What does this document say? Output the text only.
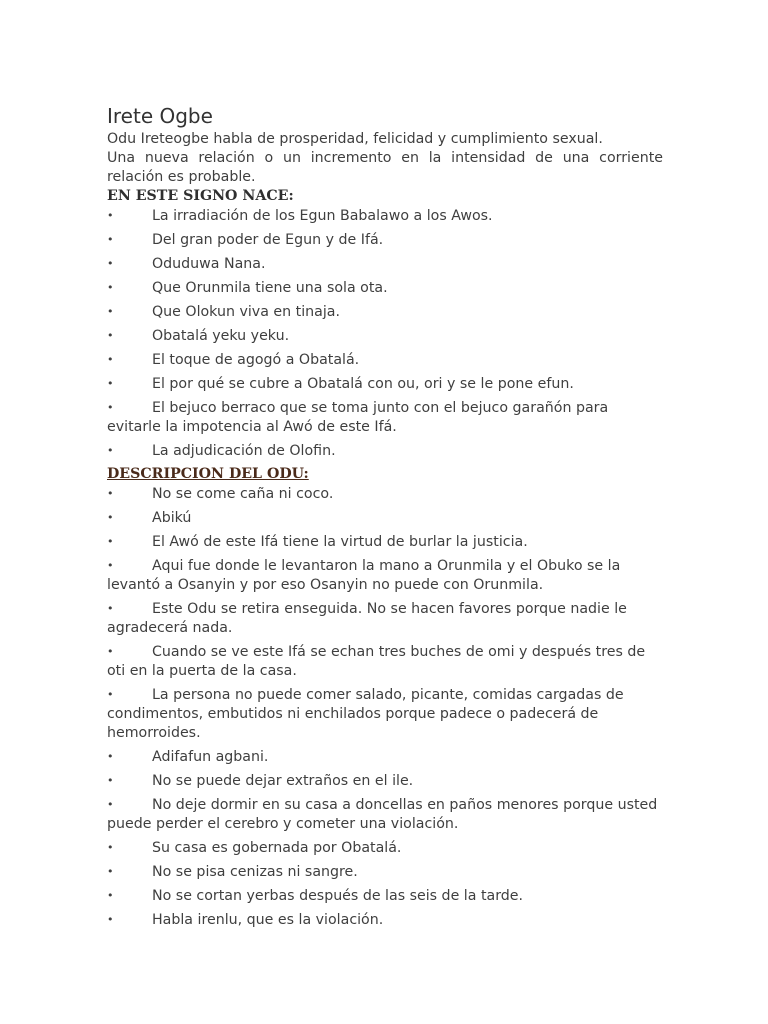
Irete Ogbe

Odu Ireteogbe habla de prosperidad, felicidad y cumplimiento sexual.

Una nueva relación o un incremento en la intensidad de una corriente relación es probable.

EN ESTE SIGNO NACE:

•	La irradiación de los Egun Babalawo a los Awos.
•	Del gran poder de Egun y de Ifá.
•	Oduduwa Nana.
•	Que Orunmila tiene una sola ota.
•	Que Olokun viva en tinaja.
•	Obatalá yeku yeku.
•	El toque de agogó a Obatalá.
•	El por qué se cubre a Obatalá con ou, ori y se le pone efun.
•	El bejuco berraco que se toma junto con el bejuco garañón para evitarle la impotencia al Awó de este Ifá.
•	La adjudicación de Olofin.

DESCRIPCION DEL ODU:

•	No se come caña ni coco.
•	Abikú
•	El Awó de este Ifá tiene la virtud de burlar la justicia.
•	Aqui fue donde le levantaron la mano a Orunmila y el Obuko se la levantó a Osanyin y por eso Osanyin no puede con Orunmila.
•	Este Odu se retira enseguida. No se hacen favores porque nadie le agradecerá nada.
•	Cuando se ve este Ifá se echan tres buches de omi y después tres de oti en la puerta de la casa.
•	La persona no puede comer salado, picante, comidas cargadas de condimentos, embutidos ni enchilados porque padece o padecerá de hemorroides.
•	Adifafun agbani.
•	No se puede dejar extraños en el ile.
•	No deje dormir en su casa a doncellas en paños menores porque usted puede perder el cerebro y cometer una violación.
•	Su casa es gobernada por Obatalá.
•	No se pisa cenizas ni sangre.
•	No se cortan yerbas después de las seis de la tarde.
•	Habla irenlu, que es la violación.
